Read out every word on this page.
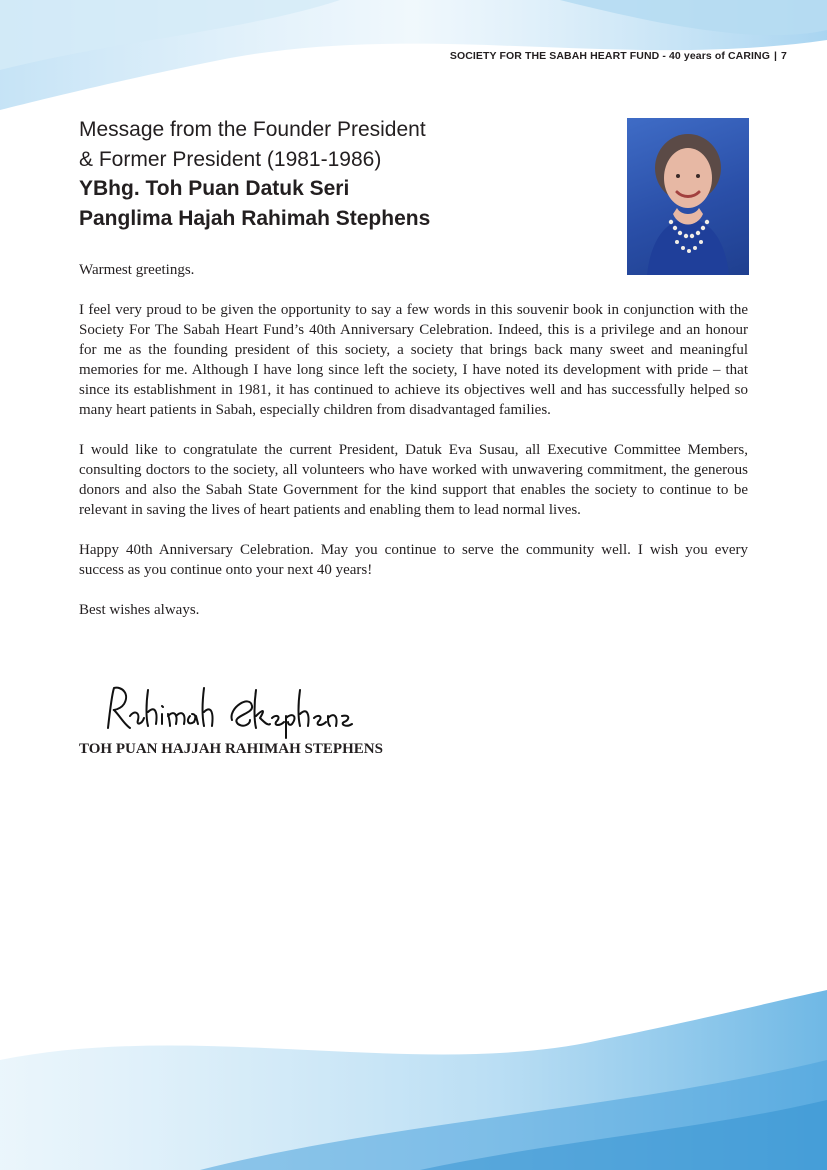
SOCIETY FOR THE SABAH HEART FUND - 40 years of CARING | 7
Message from the Founder President
& Former President (1981-1986)
YBhg. Toh Puan Datuk Seri
Panglima Hajah Rahimah Stephens

Warmest greetings.

I feel very proud to be given the opportunity to say a few words in this souvenir book in conjunction with the Society For The Sabah Heart Fund’s 40th Anniversary Celebration. Indeed, this is a privilege and an honour for me as the founding president of this society, a society that brings back many sweet and meaningful memories for me. Although I have long since left the society, I have noted its development with pride – that since its establishment in 1981, it has continued to achieve its objectives well and has successfully helped so many heart patients in Sabah, especially children from disadvantaged families.

I would like to congratulate the current President, Datuk Eva Susau, all Executive Committee Members, consulting doctors to the society, all volunteers who have worked with unwavering commitment, the generous donors and also the Sabah State Government for the kind support that enables the society to continue to be relevant in saving the lives of heart patients and enabling them to lead normal lives.

Happy 40th Anniversary Celebration. May you continue to serve the community well. I wish you every success as you continue onto your next 40 years!

Best wishes always.

TOH PUAN HAJJAH RAHIMAH STEPHENS
